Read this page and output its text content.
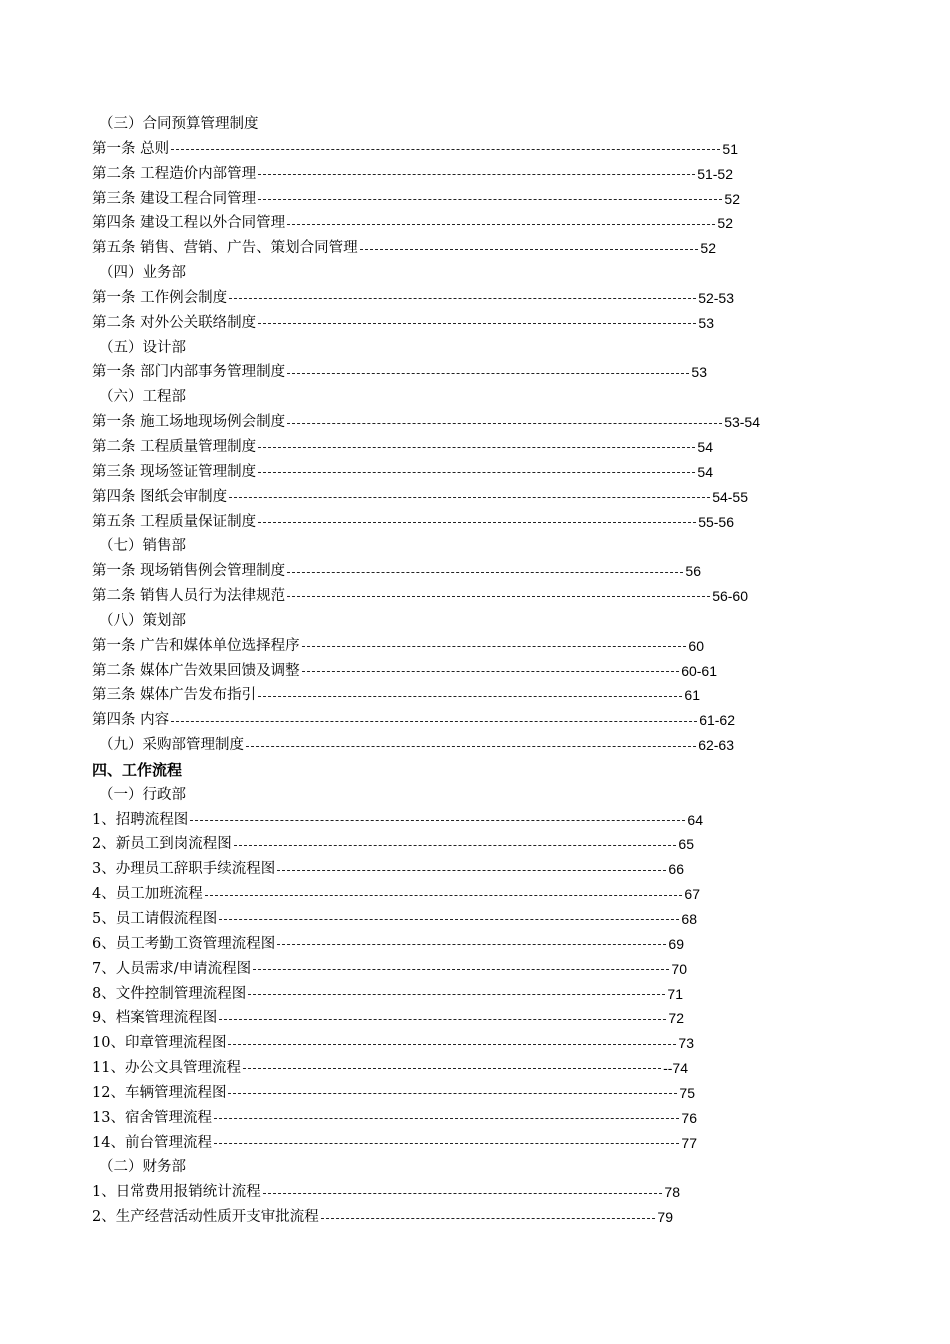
（三）合同预算管理制度
第一条 总则	51
第二条 工程造价内部管理	51-52
第三条 建设工程合同管理	52
第四条 建设工程以外合同管理	52
第五条 销售、营销、广告、策划合同管理	52
（四）业务部
第一条 工作例会制度	52-53
第二条 对外公关联络制度	53
（五）设计部
第一条 部门内部事务管理制度	53
（六）工程部
第一条 施工场地现场例会制度	53-54
第二条 工程质量管理制度	54
第三条 现场签证管理制度	54
第四条 图纸会审制度	54-55
第五条 工程质量保证制度	55-56
（七）销售部
第一条 现场销售例会管理制度	56
第二条 销售人员行为法律规范	56-60
（八）策划部
第一条 广告和媒体单位选择程序	60
第二条 媒体广告效果回馈及调整	60-61
第三条 媒体广告发布指引	61
第四条 内容	61-62
（九）采购部管理制度	62-63
四、工作流程
（一）行政部
1、招聘流程图	64
2、新员工到岗流程图	65
3、办理员工辞职手续流程图	66
4、员工加班流程	67
5、员工请假流程图	68
6、员工考勤工资管理流程图	69
7、人员需求/申请流程图	70
8、文件控制管理流程图	71
9、档案管理流程图	72
10、印章管理流程图	73
11、办公文具管理流程	--74
12、车辆管理流程图	75
13、宿舍管理流程	76
14、前台管理流程	77
（二）财务部
1、日常费用报销统计流程	78
2、生产经营活动性质开支审批流程	79
